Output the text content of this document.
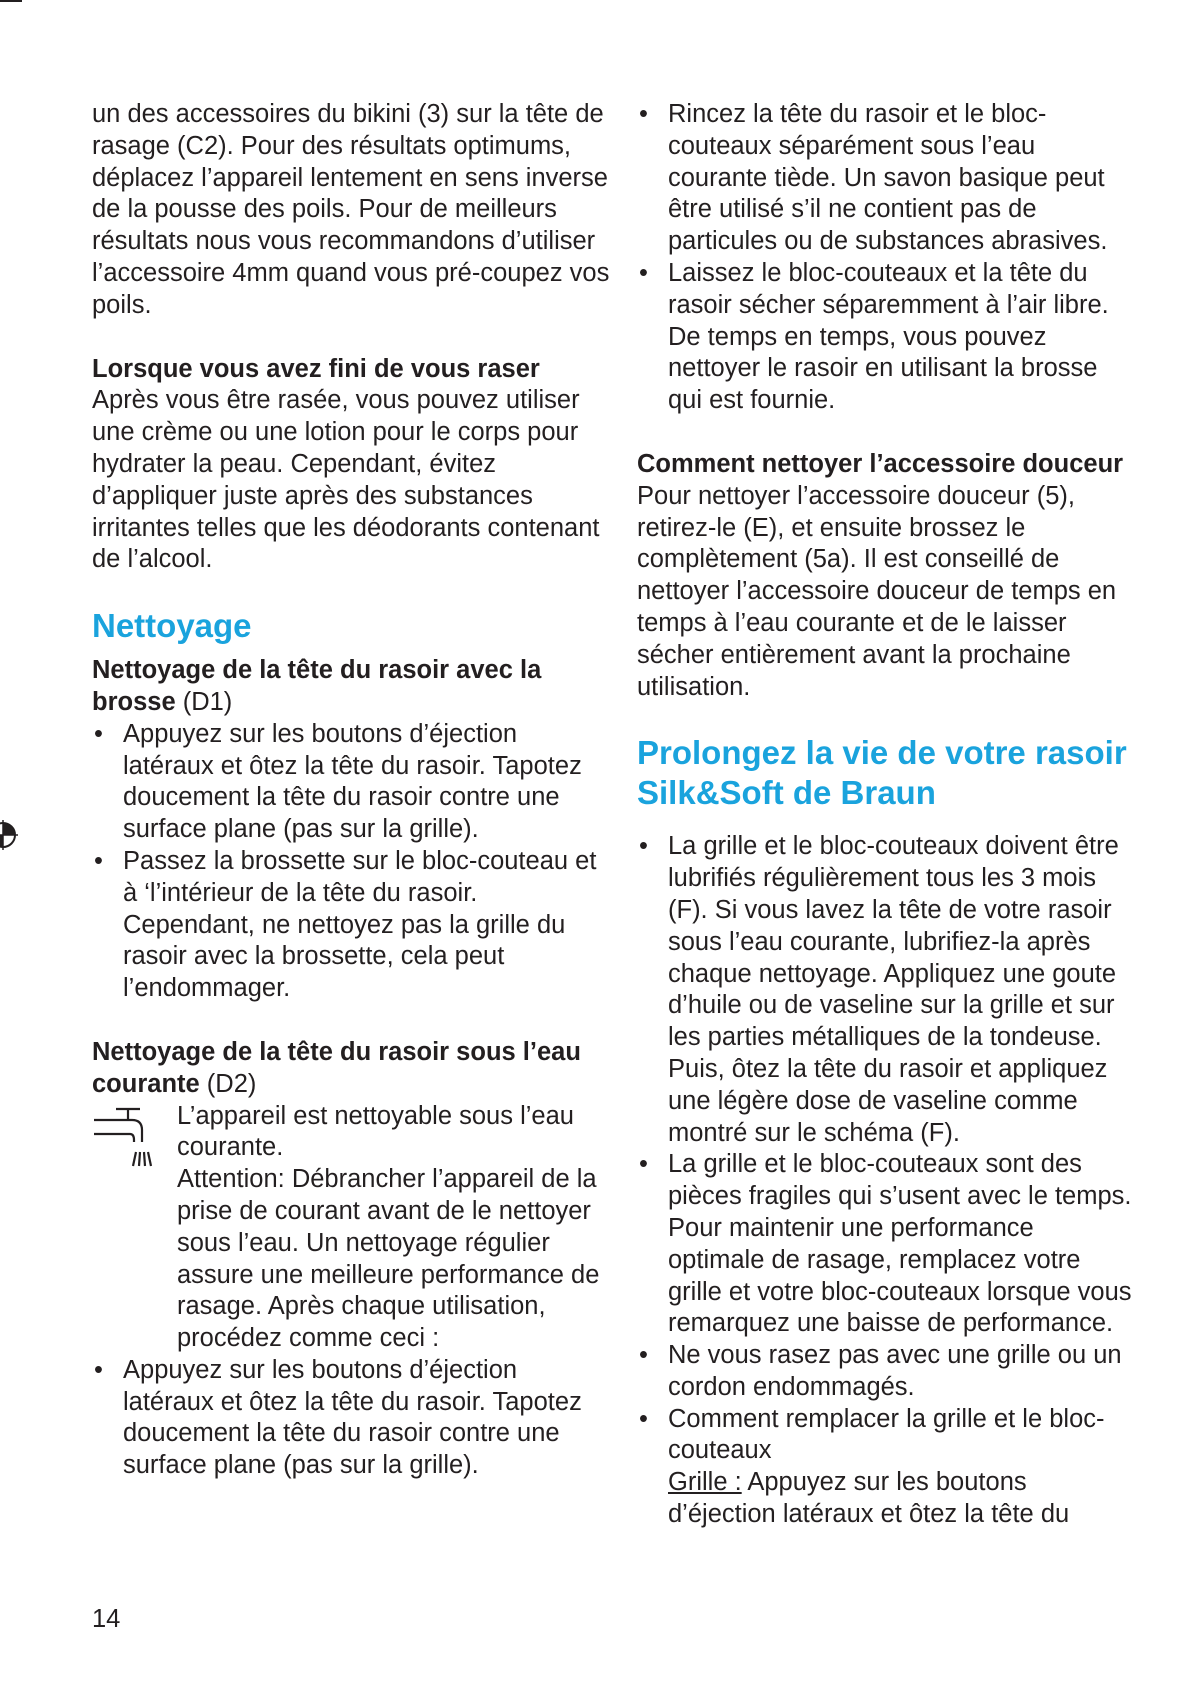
un des accessoires du bikini (3) sur la tête de rasage (C2). Pour des résultats optimums, déplacez l’appareil lentement en sens inverse de la pousse des poils. Pour de meilleurs résultats nous vous recommandons d’utiliser l’accessoire 4mm quand vous pré-coupez vos poils.

Lorsque vous avez fini de vous raser

Après vous être rasée, vous pouvez utiliser une crème ou une lotion pour le corps pour hydrater la peau. Cependant, évitez d’appliquer juste après des substances irritantes telles que les déodorants contenant de l’alcool.

Nettoyage

Nettoyage de la tête du rasoir avec la brosse (D1)

• Appuyez sur les boutons d’éjection latéraux et ôtez la tête du rasoir. Tapotez doucement la tête du rasoir contre une surface plane (pas sur la grille).
• Passez la brossette sur le bloc-couteau et à ‘l’intérieur de la tête du rasoir. Cependant, ne nettoyez pas la grille du rasoir avec la brossette, cela peut l’endommager.

Nettoyage de la tête du rasoir sous l’eau courante (D2)

L’appareil est nettoyable sous l’eau courante.

Attention: Débrancher l’appareil de la prise de courant avant de le nettoyer sous l’eau. Un nettoyage régulier assure une meilleure performance de rasage. Après chaque utilisation, procédez comme ceci :

• Appuyez sur les boutons d’éjection latéraux et ôtez la tête du rasoir. Tapotez doucement la tête du rasoir contre une surface plane (pas sur la grille).
• Rincez la tête du rasoir et le bloc-couteaux séparément sous l’eau courante tiède. Un savon basique peut être utilisé s’il ne contient pas de particules ou de substances abrasives.
• Laissez le bloc-couteaux et la tête du rasoir sécher séparemment à l’air libre. De temps en temps, vous pouvez nettoyer le rasoir en utilisant la brosse qui est fournie.

Comment nettoyer l’accessoire douceur

Pour nettoyer l’accessoire douceur (5), retirez-le (E), et ensuite brossez le complètement (5a). Il est conseillé de nettoyer l’accessoire douceur de temps en temps à l’eau courante et de le laisser sécher entièrement avant la prochaine utilisation.

Prolongez la vie de votre rasoir Silk&Soft de Braun
• La grille et le bloc-couteaux doivent être lubrifiés régulièrement tous les 3 mois (F). Si vous lavez la tête de votre rasoir sous l’eau courante, lubrifiez-la après chaque nettoyage. Appliquez une goute d’huile ou de vaseline sur la grille et sur les parties métalliques de la tondeuse. Puis, ôtez la tête du rasoir et appliquez une légère dose de vaseline comme montré sur le schéma (F).
• La grille et le bloc-couteaux sont des pièces fragiles qui s’usent avec le temps. Pour maintenir une performance optimale de rasage, remplacez votre grille et votre bloc-couteaux lorsque vous remarquez une baisse de performance.
• Ne vous rasez pas avec une grille ou un cordon endommagés.
• Comment remplacer la grille et le bloc-couteaux
Grille : Appuyez sur les boutons d’éjection latéraux et ôtez la tête du
14
